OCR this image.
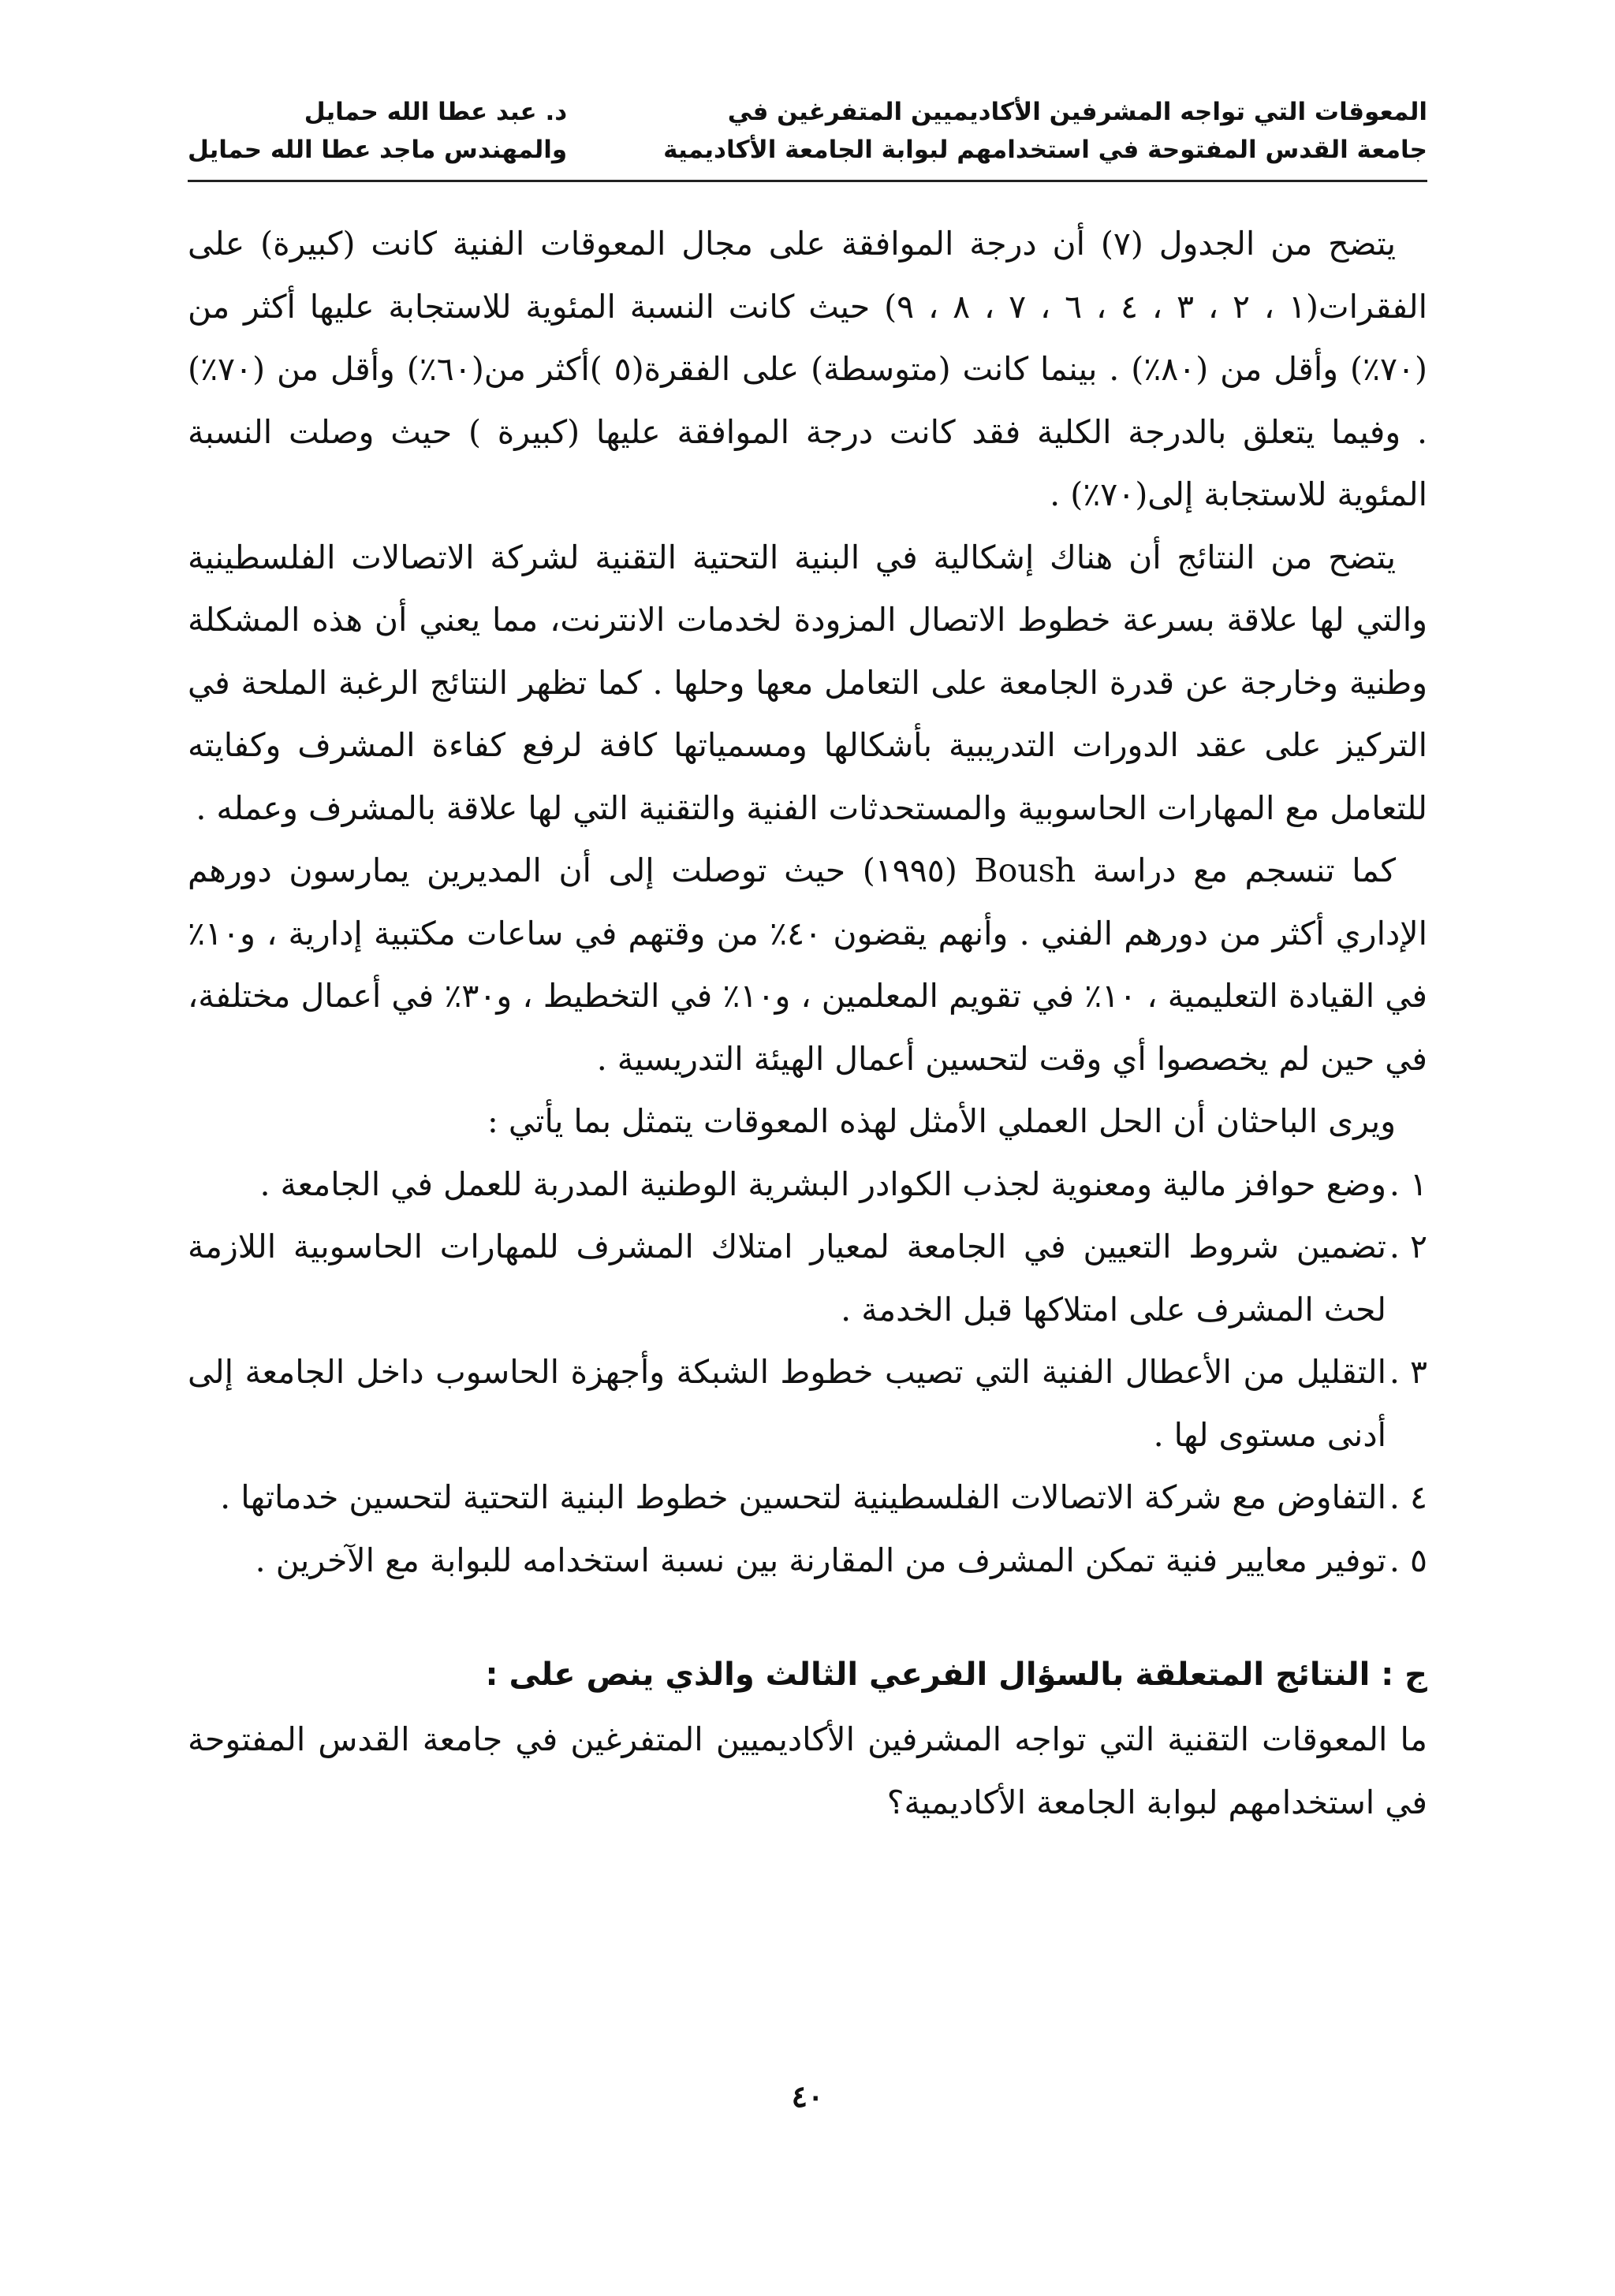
المعوقات التي تواجه المشرفين الأكاديميين المتفرغين في
جامعة القدس المفتوحة في استخدامهم لبوابة الجامعة الأكاديمية
د. عبد عطا الله حمايل
والمهندس ماجد عطا الله حمايل

يتضح من الجدول (٧) أن درجة الموافقة على مجال المعوقات الفنية كانت (كبيرة) على الفقرات(١ ، ٢ ، ٣ ، ٤ ، ٦ ، ٧ ، ٨ ، ٩) حيث كانت النسبة المئوية للاستجابة عليها أكثر من (٧٠٪) وأقل من (٨٠٪) . بينما كانت (متوسطة) على الفقرة(٥ )أكثر من(٦٠٪) وأقل من (٧٠٪) . وفيما يتعلق بالدرجة الكلية فقد كانت درجة الموافقة عليها (كبيرة ) حيث وصلت النسبة المئوية للاستجابة إلى(٧٠٪) .

يتضح من النتائج أن هناك إشكالية في البنية التحتية التقنية لشركة الاتصالات الفلسطينية والتي لها علاقة بسرعة خطوط الاتصال المزودة لخدمات الانترنت، مما يعني أن هذه المشكلة وطنية وخارجة عن قدرة الجامعة على التعامل معها وحلها . كما تظهر النتائج الرغبة الملحة في التركيز على عقد الدورات التدريبية بأشكالها ومسمياتها كافة لرفع كفاءة المشرف وكفايته للتعامل مع المهارات الحاسوبية والمستحدثات الفنية والتقنية التي لها علاقة بالمشرف وعمله .

كما تنسجم مع دراسة Boush (١٩٩٥) حيث توصلت إلى أن المديرين يمارسون دورهم الإداري أكثر من دورهم الفني . وأنهم يقضون ٤٠٪ من وقتهم في ساعات مكتبية إدارية ، و١٠٪ في القيادة التعليمية ، ١٠٪ في تقويم المعلمين ، و١٠٪ في التخطيط ، و٣٠٪ في أعمال مختلفة، في حين لم يخصصوا أي وقت لتحسين أعمال الهيئة التدريسية .

ويرى الباحثان أن الحل العملي الأمثل لهذه المعوقات يتمثل بما يأتي :

١ .
وضع حوافز مالية ومعنوية لجذب الكوادر البشرية الوطنية المدربة للعمل في الجامعة .
٢ .
تضمين شروط التعيين في الجامعة لمعيار امتلاك المشرف للمهارات الحاسوبية اللازمة لحث المشرف على امتلاكها قبل الخدمة .
٣ .
التقليل من الأعطال الفنية التي تصيب خطوط الشبكة وأجهزة الحاسوب داخل الجامعة إلى أدنى مستوى لها .
٤ .
التفاوض مع شركة الاتصالات الفلسطينية لتحسين خطوط البنية التحتية لتحسين خدماتها .
٥ .
توفير معايير فنية تمكن المشرف من المقارنة بين نسبة استخدامه للبوابة مع الآخرين .
ج : النتائج المتعلقة بالسؤال الفرعي الثالث والذي ينص على :

ما المعوقات التقنية التي تواجه المشرفين الأكاديميين المتفرغين في جامعة القدس المفتوحة في استخدامهم لبوابة الجامعة الأكاديمية؟

٤٠
